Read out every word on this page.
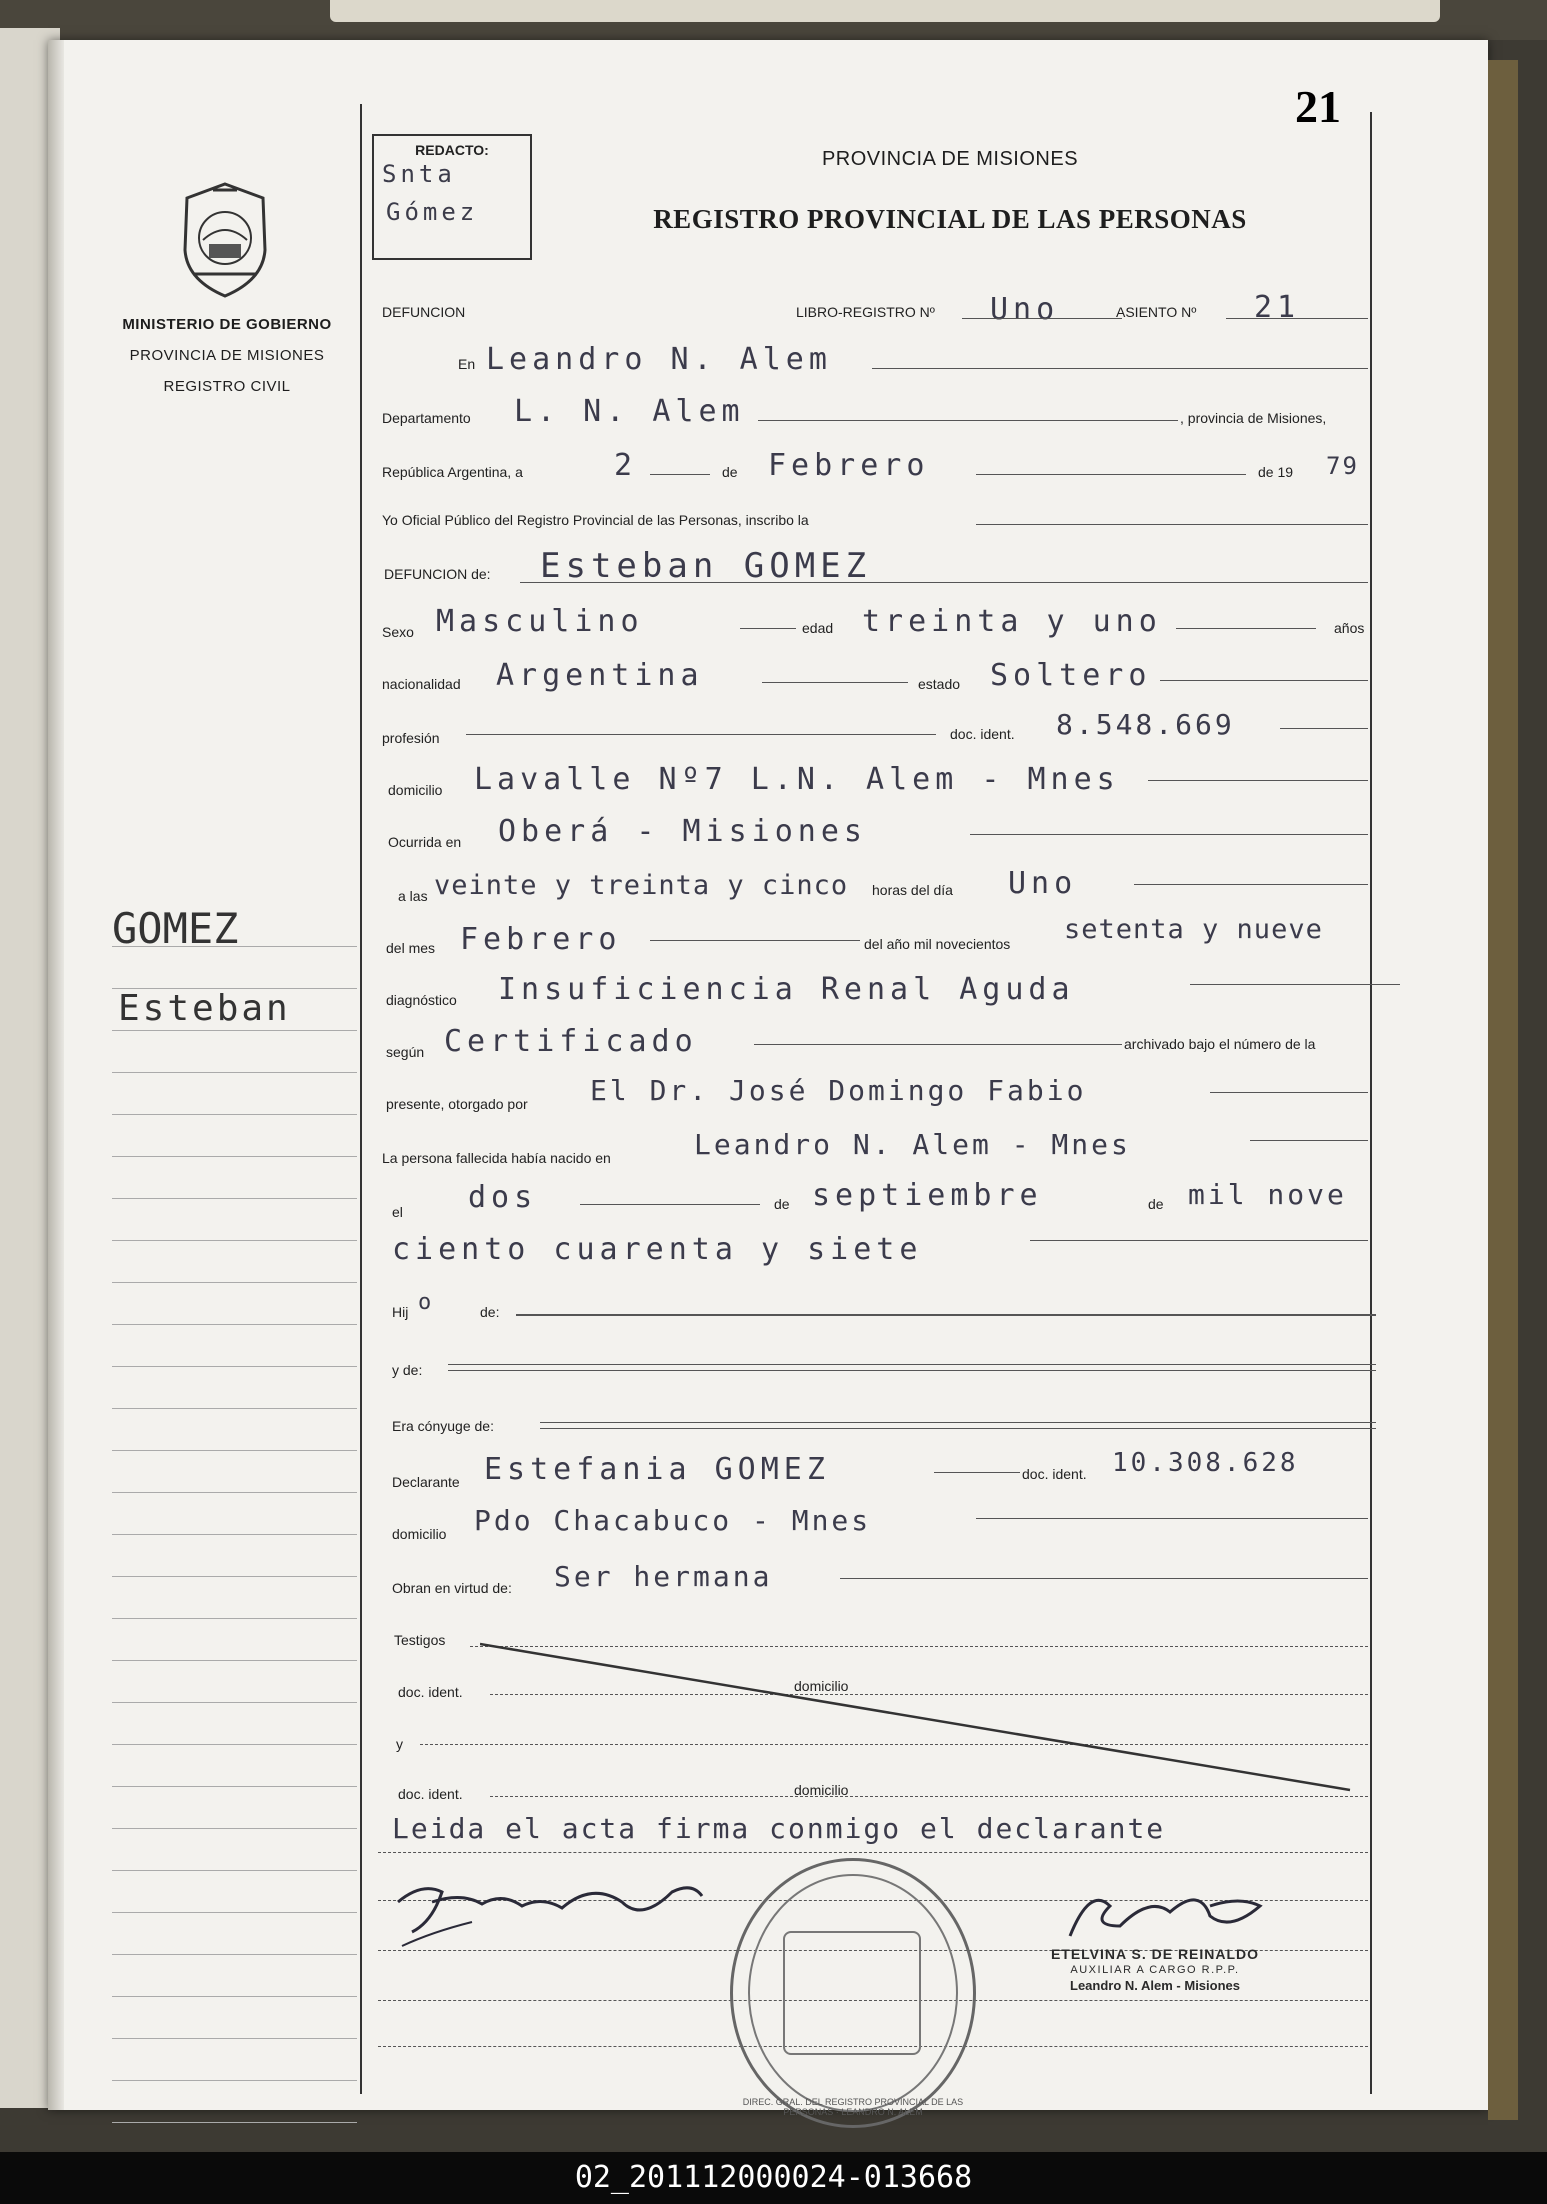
MINISTERIO DE GOBIERNO
PROVINCIA DE MISIONES
REGISTRO CIVIL
GOMEZ
Esteban
21
REDACTO:
Snta
Gómez
PROVINCIA DE MISIONES
REGISTRO PROVINCIAL DE LAS PERSONAS
DEFUNCION	LIBRO-REGISTRO Nº Uno	ASIENTO Nº 21
En Leandro N. Alem
Departamento L. N. Alem	, provincia de Misiones,
República Argentina, a	2	de Febrero	de 19 79
Yo Oficial Público del Registro Provincial de las Personas, inscribo la
DEFUNCION de: Esteban GOMEZ
Sexo Masculino	edad treinta y uno	años
nacionalidad Argentina	estado Soltero
profesión	doc. ident. 8.548.669
domicilio Lavalle Nº7 L.N. Alem - Mnes
Ocurrida en Oberá - Misiones
a las veinte y treinta y cinco horas del día Uno
del mes Febrero	del año mil novecientos setenta y nueve
diagnóstico Insuficiencia Renal Aguda
según Certificado	archivado bajo el número de la
presente, otorgado por El Dr. José Domingo Fabio
La persona fallecida había nacido en	Leandro N. Alem - Mnes
el dos	de septiembre	de mil nove
ciento cuarenta y siete
Hij o	de:
y de:
Era cónyuge de:
Declarante Estefania GOMEZ	doc. ident. 10.308.628
domicilio Pdo Chacabuco - Mnes
Obran en virtud de: Ser hermana
Testigos
doc. ident.	domicilio
y
doc. ident.	domicilio
Leida el acta firma conmigo el declarante
DIREC. GRAL. DEL REGISTRO PROVINCIAL DE LAS PERSONAS · LEANDRO N. ALEM
ETELVINA S. DE REINALDO
AUXILIAR A CARGO R.P.P.
Leandro N. Alem - Misiones
02_201112000024-013668
